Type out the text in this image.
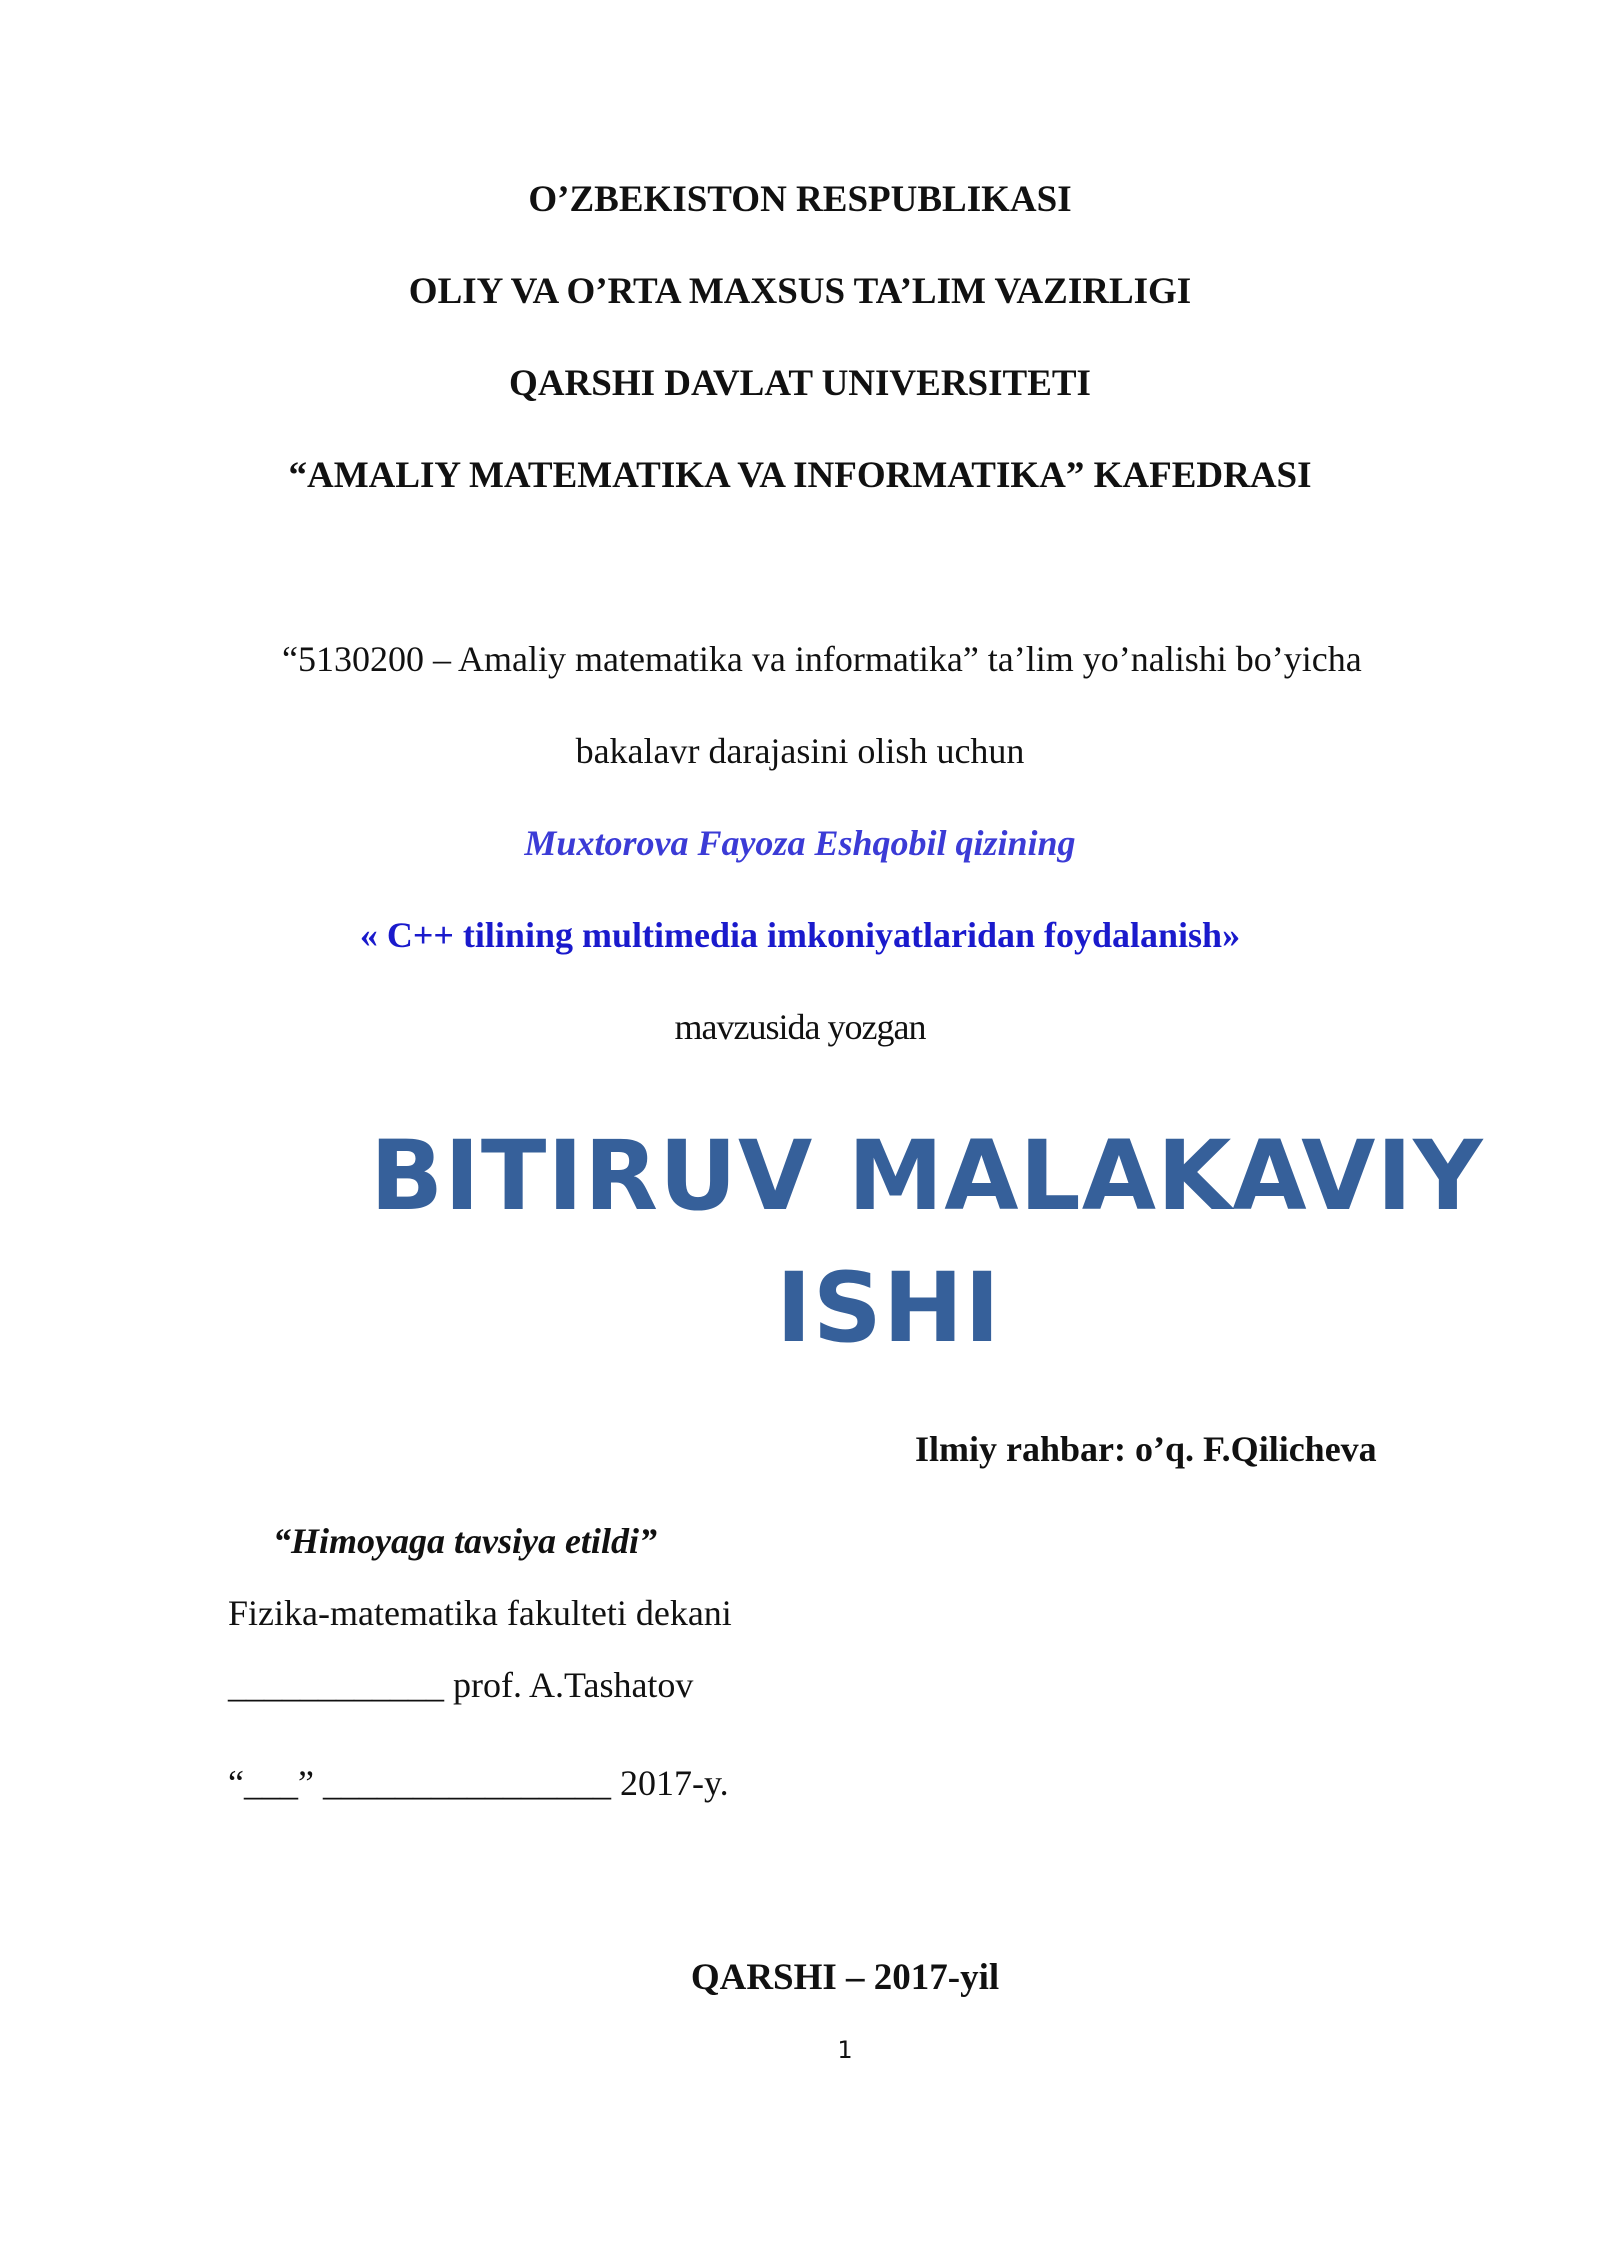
O’ZBEKISTON RESPUBLIKASI
OLIY VA O’RTA MAXSUS TA’LIM VAZIRLIGI
QARSHI DAVLAT UNIVERSITETI
“AMALIY MATEMATIKA VA INFORMATIKA” KAFEDRASI
“5130200 – Amaliy matematika va informatika” ta’lim yo’nalishi bo’yicha
bakalavr darajasini olish uchun
Muxtorova Fayoza Eshqobil qizining
« C++ tilining multimedia imkoniyatlaridan foydalanish»
mavzusida yozgan
BITIRUV MALAKAVIY
ISHI
Ilmiy rahbar: o’q. F.Qilicheva
“Himoyaga tavsiya etildi”
Fizika-matematika fakulteti dekani
____________ prof. A.Tashatov
“___” ________________ 2017-y.
QARSHI – 2017-yil
1
